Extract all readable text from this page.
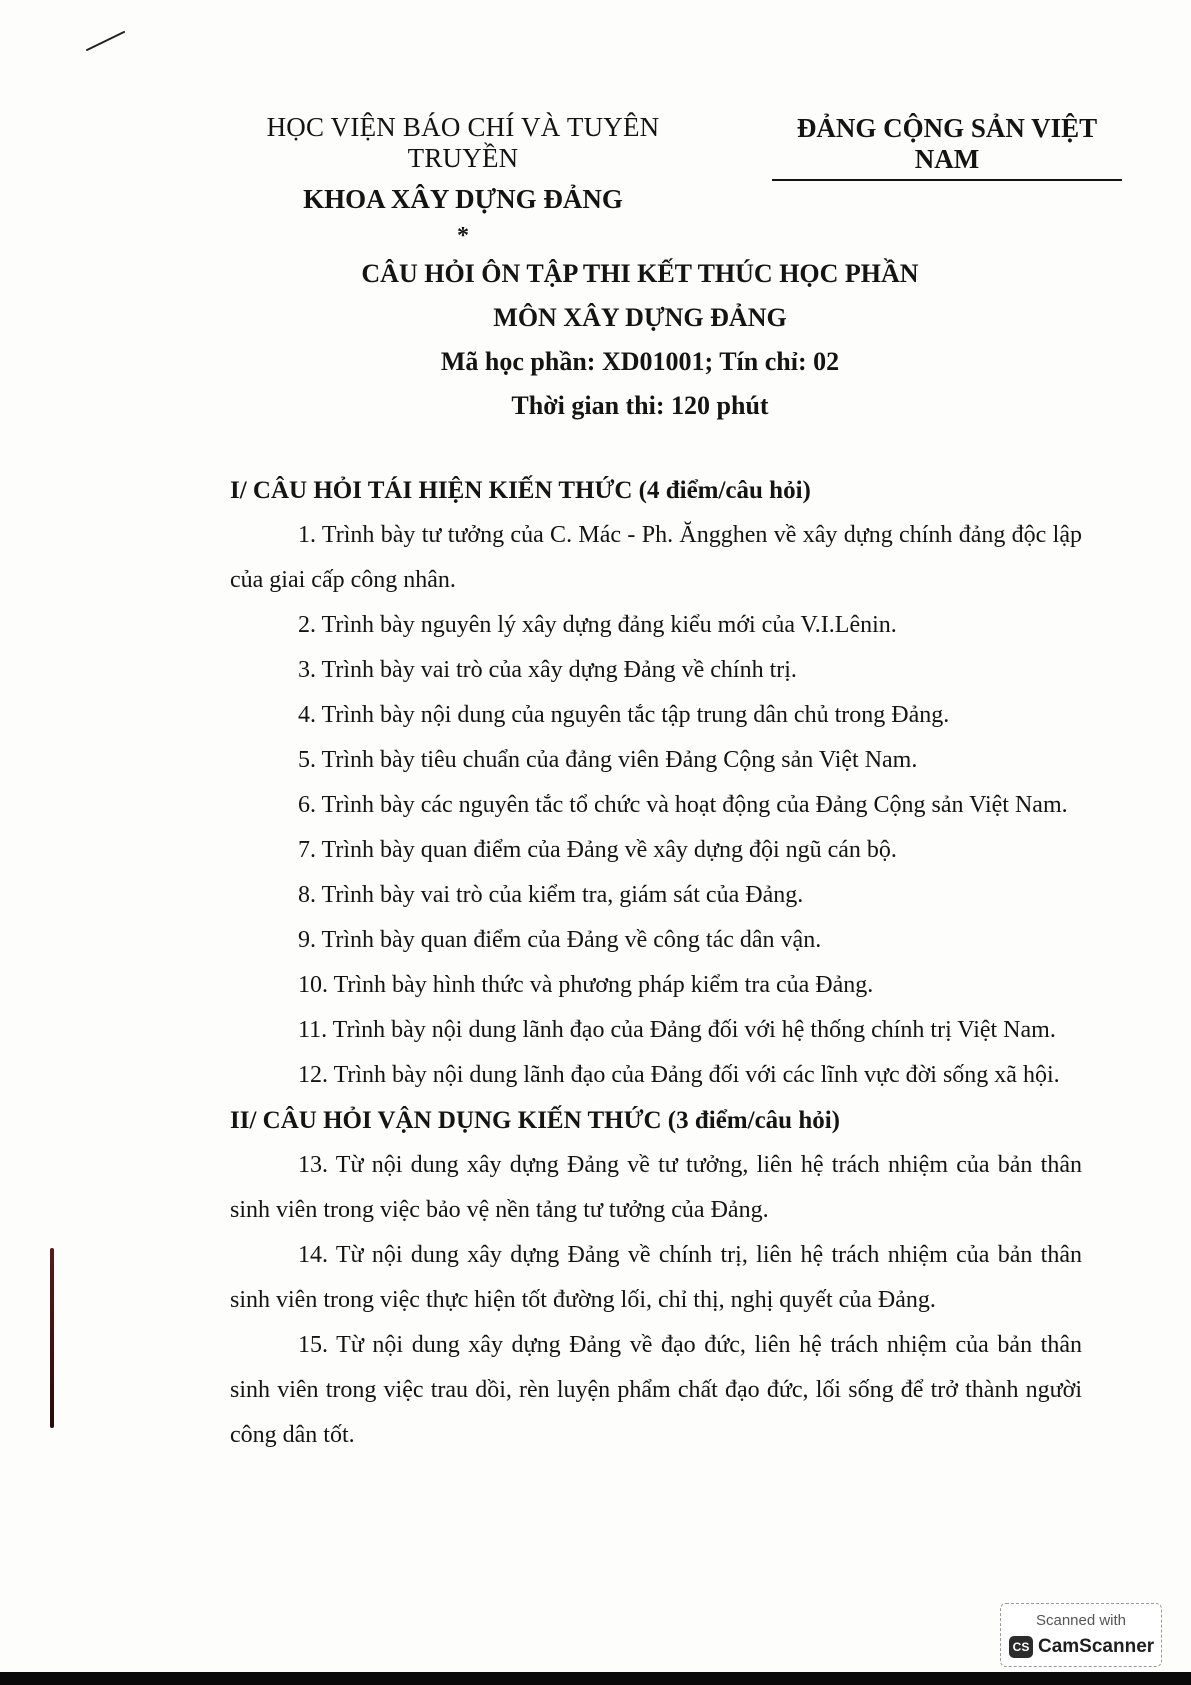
HỌC VIỆN BÁO CHÍ VÀ TUYÊN TRUYỀN
KHOA XÂY DỰNG ĐẢNG
*
ĐẢNG CỘNG SẢN VIỆT NAM
CÂU HỎI ÔN TẬP THI KẾT THÚC HỌC PHẦN
MÔN XÂY DỰNG ĐẢNG
Mã học phần: XD01001; Tín chỉ: 02
Thời gian thi: 120 phút
I/ CÂU HỎI TÁI HIỆN KIẾN THỨC (4 điểm/câu hỏi)
1. Trình bày tư tưởng của C. Mác - Ph. Ăngghen về xây dựng chính đảng độc lập của giai cấp công nhân.
2. Trình bày nguyên lý xây dựng đảng kiểu mới của V.I.Lênin.
3. Trình bày vai trò của xây dựng Đảng về chính trị.
4. Trình bày nội dung của nguyên tắc tập trung dân chủ trong Đảng.
5. Trình bày tiêu chuẩn của đảng viên Đảng Cộng sản Việt Nam.
6. Trình bày các nguyên tắc tổ chức và hoạt động của Đảng Cộng sản Việt Nam.
7. Trình bày quan điểm của Đảng về xây dựng đội ngũ cán bộ.
8. Trình bày vai trò của kiểm tra, giám sát của Đảng.
9. Trình bày quan điểm của Đảng về công tác dân vận.
10. Trình bày hình thức và phương pháp kiểm tra của Đảng.
11. Trình bày nội dung lãnh đạo của Đảng đối với hệ thống chính trị Việt Nam.
12. Trình bày nội dung lãnh đạo của Đảng đối với các lĩnh vực đời sống xã hội.
II/ CÂU HỎI VẬN DỤNG KIẾN THỨC (3 điểm/câu hỏi)
13. Từ nội dung xây dựng Đảng về tư tưởng, liên hệ trách nhiệm của bản thân sinh viên trong việc bảo vệ nền tảng tư tưởng của Đảng.
14. Từ nội dung xây dựng Đảng về chính trị, liên hệ trách nhiệm của bản thân sinh viên trong việc thực hiện tốt đường lối, chỉ thị, nghị quyết của Đảng.
15. Từ nội dung xây dựng Đảng về đạo đức, liên hệ trách nhiệm của bản thân sinh viên trong việc trau dồi, rèn luyện phẩm chất đạo đức, lối sống để trở thành người công dân tốt.
Scanned with
CS CamScanner
